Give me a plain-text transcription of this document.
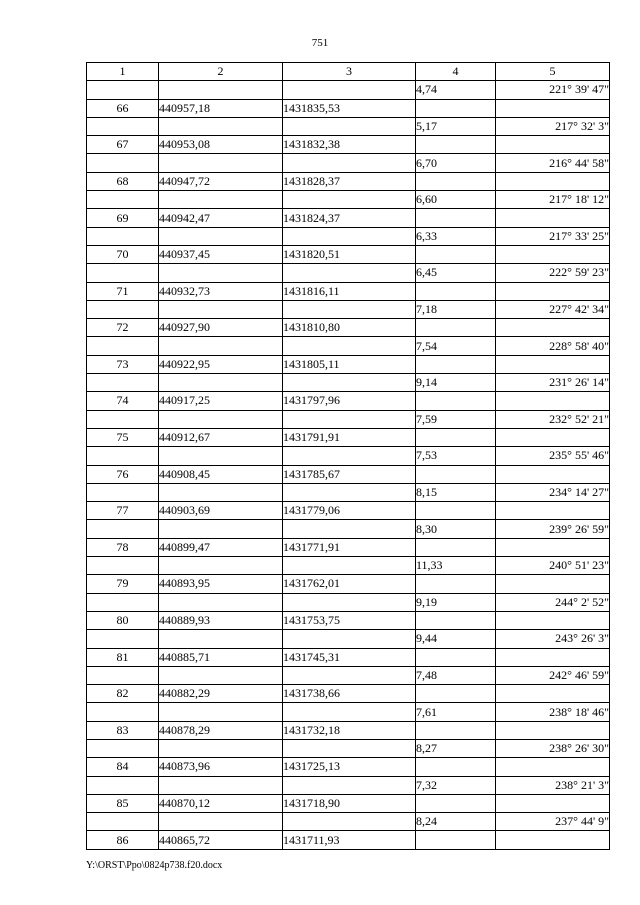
751
1	2	3	4	5
			4,74	221° 39' 47"
66	440957,18	1431835,53		
			5,17	217° 32' 3"
67	440953,08	1431832,38		
			6,70	216° 44' 58"
68	440947,72	1431828,37		
			6,60	217° 18' 12"
69	440942,47	1431824,37		
			6,33	217° 33' 25"
70	440937,45	1431820,51		
			6,45	222° 59' 23"
71	440932,73	1431816,11		
			7,18	227° 42' 34"
72	440927,90	1431810,80		
			7,54	228° 58' 40"
73	440922,95	1431805,11		
			9,14	231° 26' 14"
74	440917,25	1431797,96		
			7,59	232° 52' 21"
75	440912,67	1431791,91		
			7,53	235° 55' 46"
76	440908,45	1431785,67		
			8,15	234° 14' 27"
77	440903,69	1431779,06		
			8,30	239° 26' 59"
78	440899,47	1431771,91		
			11,33	240° 51' 23"
79	440893,95	1431762,01		
			9,19	244° 2' 52"
80	440889,93	1431753,75		
			9,44	243° 26' 3"
81	440885,71	1431745,31		
			7,48	242° 46' 59"
82	440882,29	1431738,66		
			7,61	238° 18' 46"
83	440878,29	1431732,18		
			8,27	238° 26' 30"
84	440873,96	1431725,13		
			7,32	238° 21' 3"
85	440870,12	1431718,90		
			8,24	237° 44' 9"
86	440865,72	1431711,93		
Y:\ORST\Ppo\0824p738.f20.docx
